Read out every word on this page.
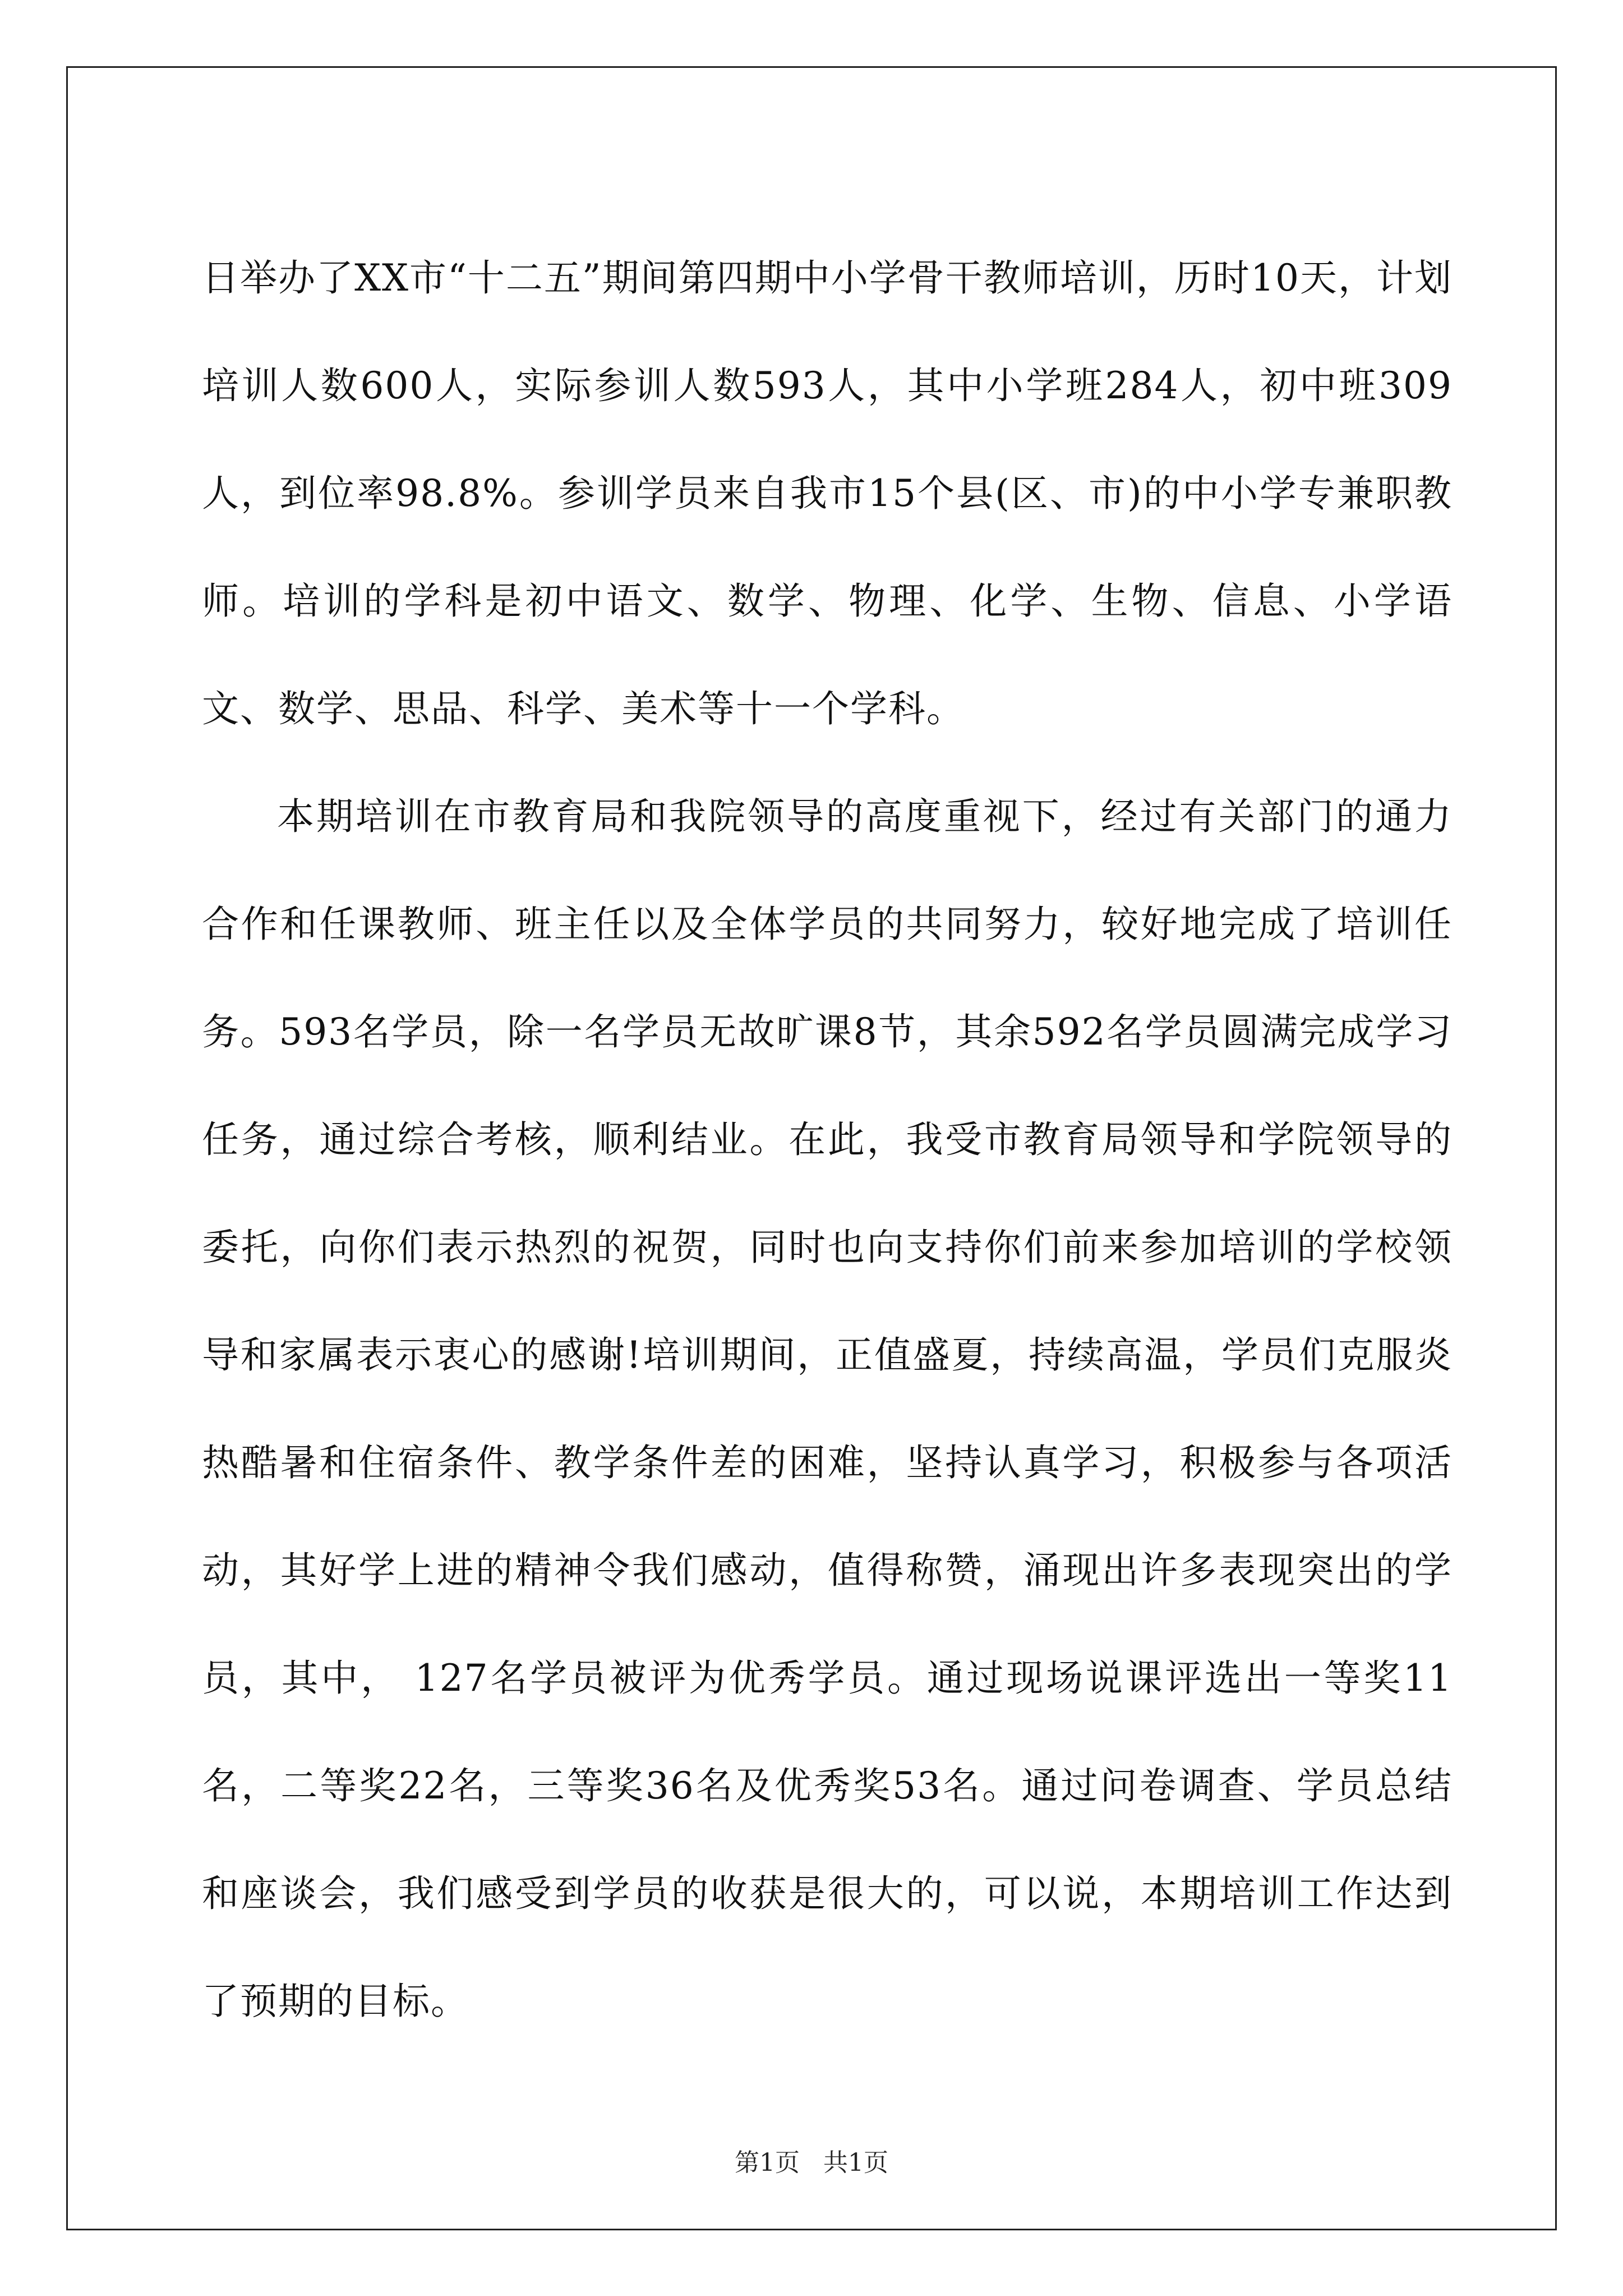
日举办了XX市“十二五”期间第四期中小学骨干教师培训，历时10天，计划培训人数600人，实际参训人数593人，其中小学班284人，初中班309人，到位率98.8%。参训学员来自我市15个县(区、市)的中小学专兼职教师。培训的学科是初中语文、数学、物理、化学、生物、信息、小学语文、数学、思品、科学、美术等十一个学科。

本期培训在市教育局和我院领导的高度重视下，经过有关部门的通力合作和任课教师、班主任以及全体学员的共同努力，较好地完成了培训任务。593名学员，除一名学员无故旷课8节，其余592名学员圆满完成学习任务，通过综合考核，顺利结业。在此，我受市教育局领导和学院领导的委托，向你们表示热烈的祝贺，同时也向支持你们前来参加培训的学校领导和家属表示衷心的感谢!培训期间，正值盛夏，持续高温，学员们克服炎热酷暑和住宿条件、教学条件差的困难，坚持认真学习，积极参与各项活动，其好学上进的精神令我们感动，值得称赞，涌现出许多表现突出的学员，其中， 127名学员被评为优秀学员。通过现场说课评选出一等奖11名，二等奖22名，三等奖36名及优秀奖53名。通过问卷调查、学员总结和座谈会，我们感受到学员的收获是很大的，可以说，本期培训工作达到了预期的目标。

第1页 共1页
